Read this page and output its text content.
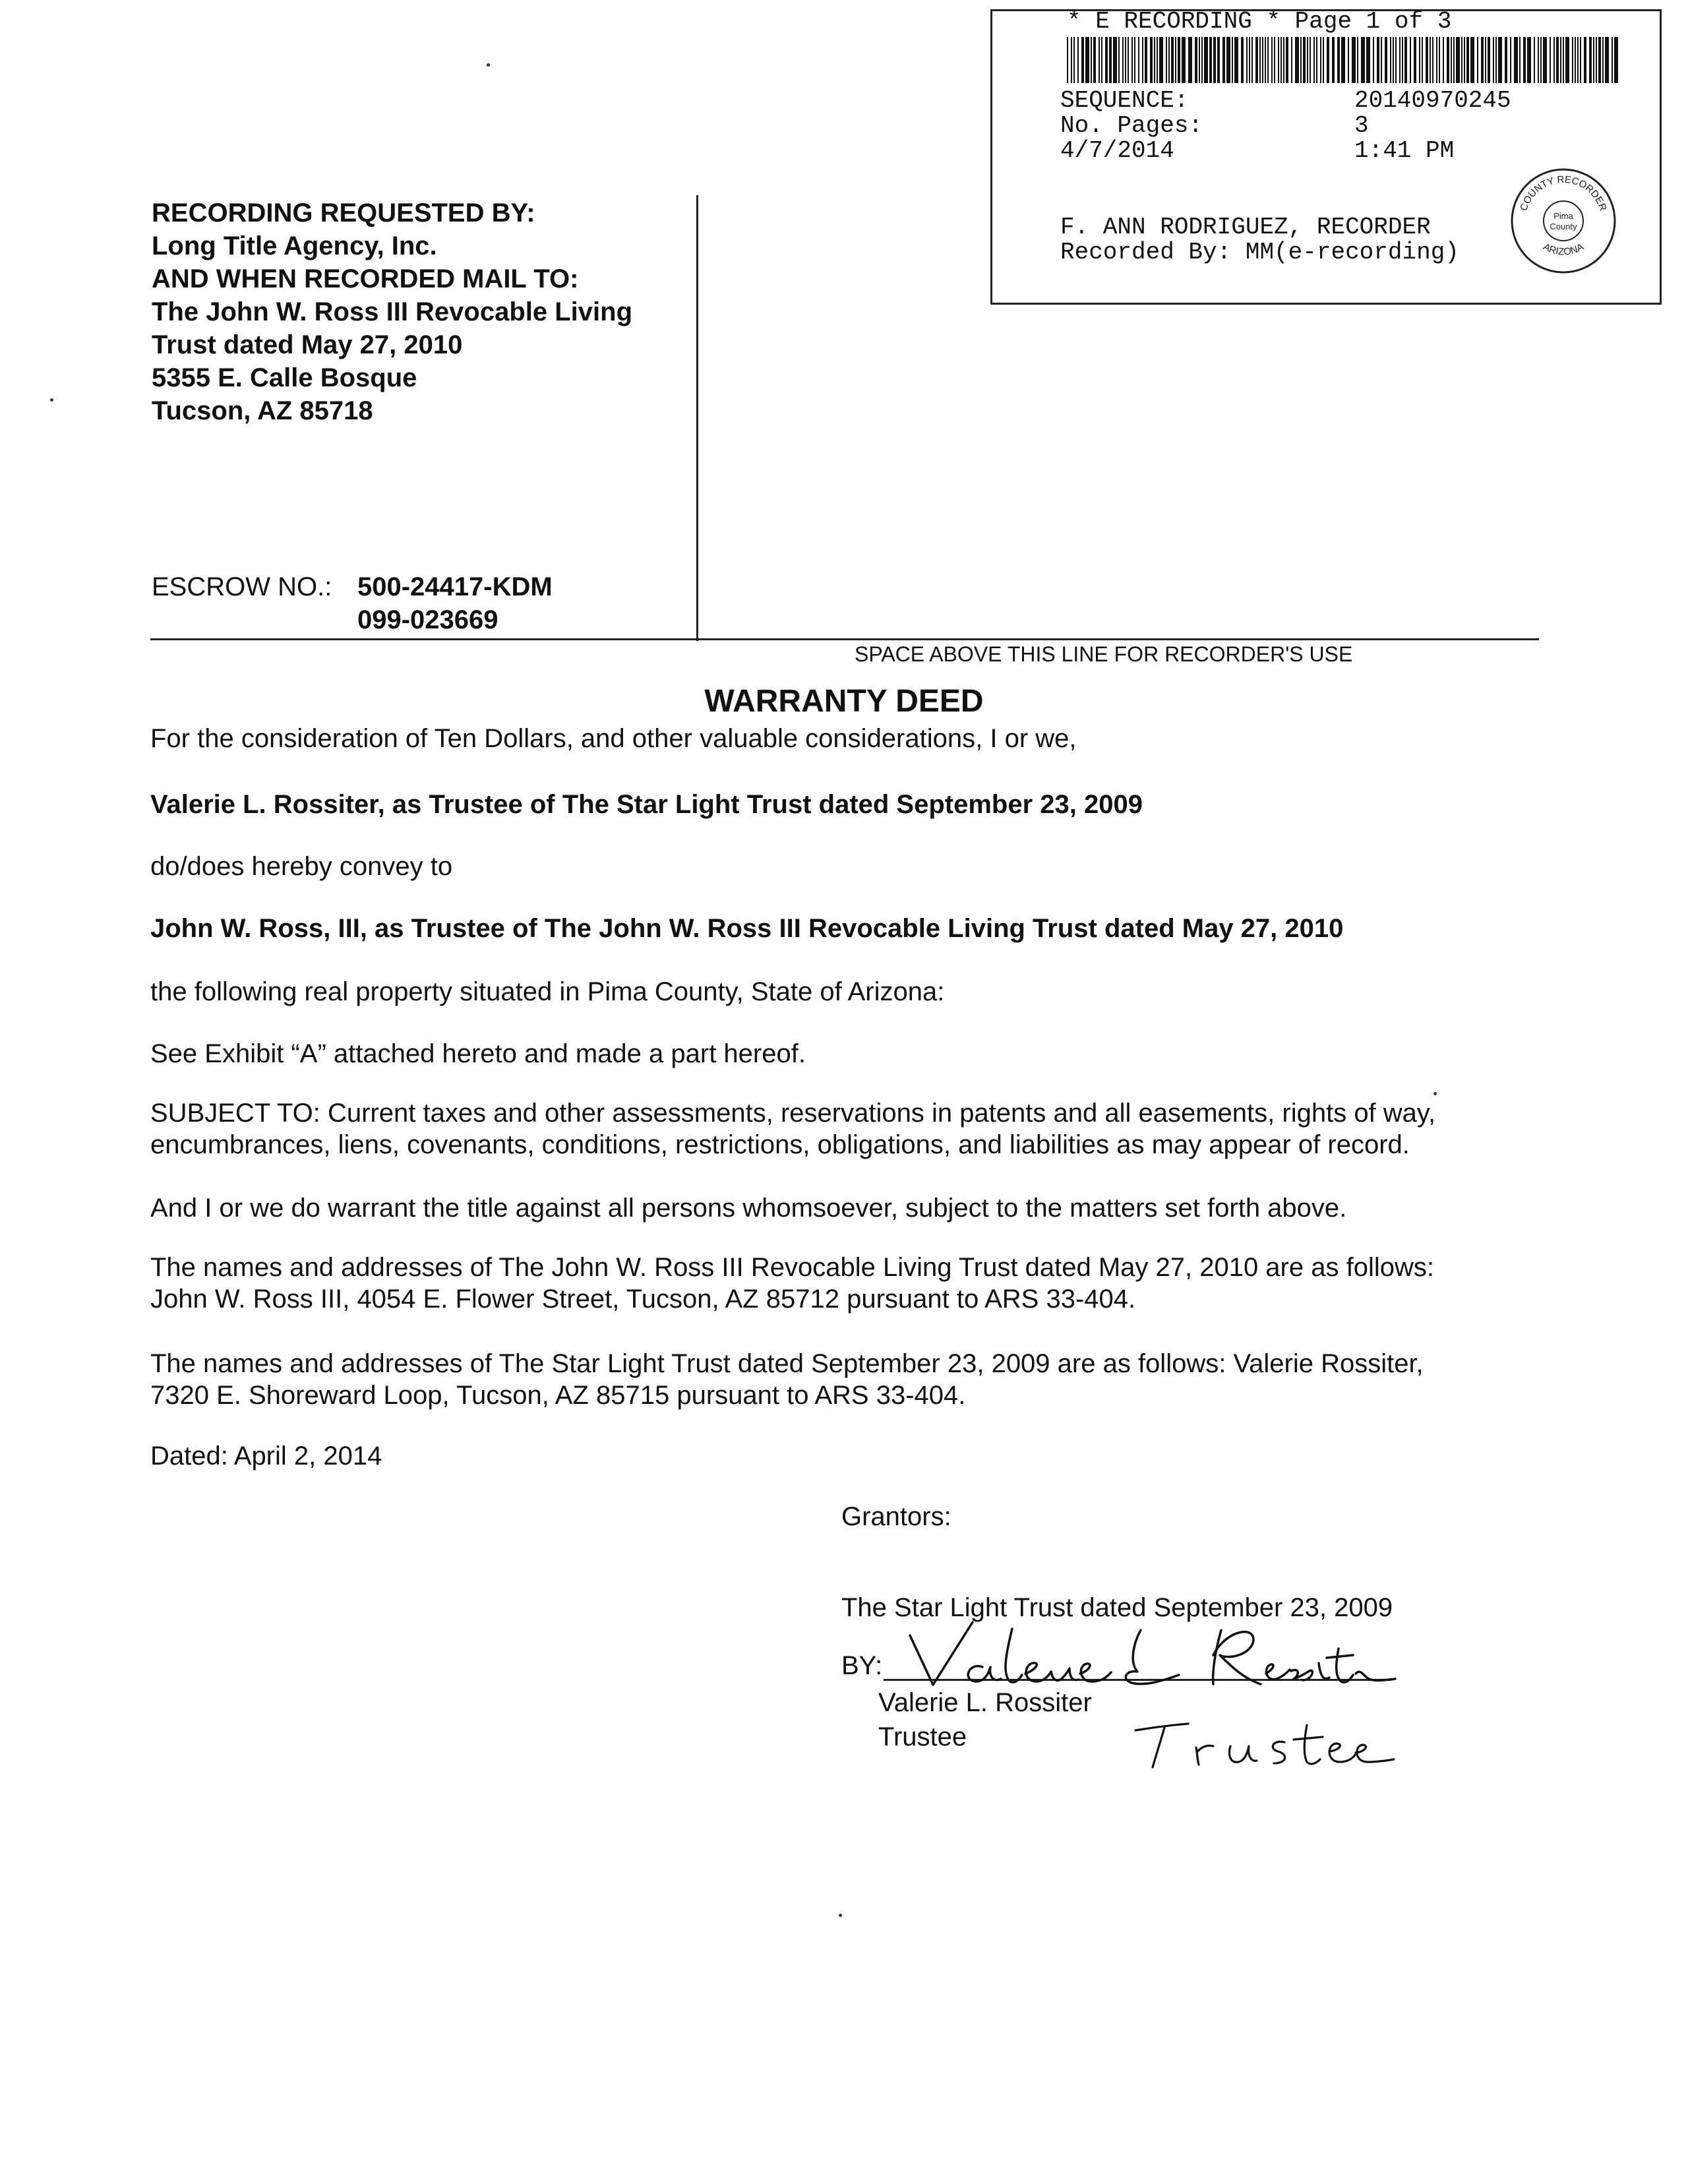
* E RECORDING * Page 1 of 3
SEQUENCE:	20140970245
No. Pages:	3
4/7/2014	1:41 PM
F. ANN RODRIGUEZ, RECORDER
Recorded By: MM(e-recording)
COUNTY RECORDER
ARIZONA
Pima
County
RECORDING REQUESTED BY:
Long Title Agency, Inc.
AND WHEN RECORDED MAIL TO:
The John W. Ross III Revocable Living
Trust dated May 27, 2010
5355 E. Calle Bosque
Tucson, AZ 85718
ESCROW NO.: 500-24417-KDM
099-023669
SPACE ABOVE THIS LINE FOR RECORDER'S USE
WARRANTY DEED
For the consideration of Ten Dollars, and other valuable considerations, I or we,
Valerie L. Rossiter, as Trustee of The Star Light Trust dated September 23, 2009
do/does hereby convey to
John W. Ross, III, as Trustee of The John W. Ross III Revocable Living Trust dated May 27, 2010
the following real property situated in Pima County, State of Arizona:
See Exhibit “A” attached hereto and made a part hereof.
SUBJECT TO: Current taxes and other assessments, reservations in patents and all easements, rights of way,
encumbrances, liens, covenants, conditions, restrictions, obligations, and liabilities as may appear of record.
And I or we do warrant the title against all persons whomsoever, subject to the matters set forth above.
The names and addresses of The John W. Ross III Revocable Living Trust dated May 27, 2010 are as follows:
John W. Ross III, 4054 E. Flower Street, Tucson, AZ 85712 pursuant to ARS 33-404.
The names and addresses of The Star Light Trust dated September 23, 2009 are as follows: Valerie Rossiter,
7320 E. Shoreward Loop, Tucson, AZ 85715 pursuant to ARS 33-404.
Dated: April 2, 2014
Grantors:
The Star Light Trust dated September 23, 2009
BY:
Valerie L. Rossiter
Trustee
